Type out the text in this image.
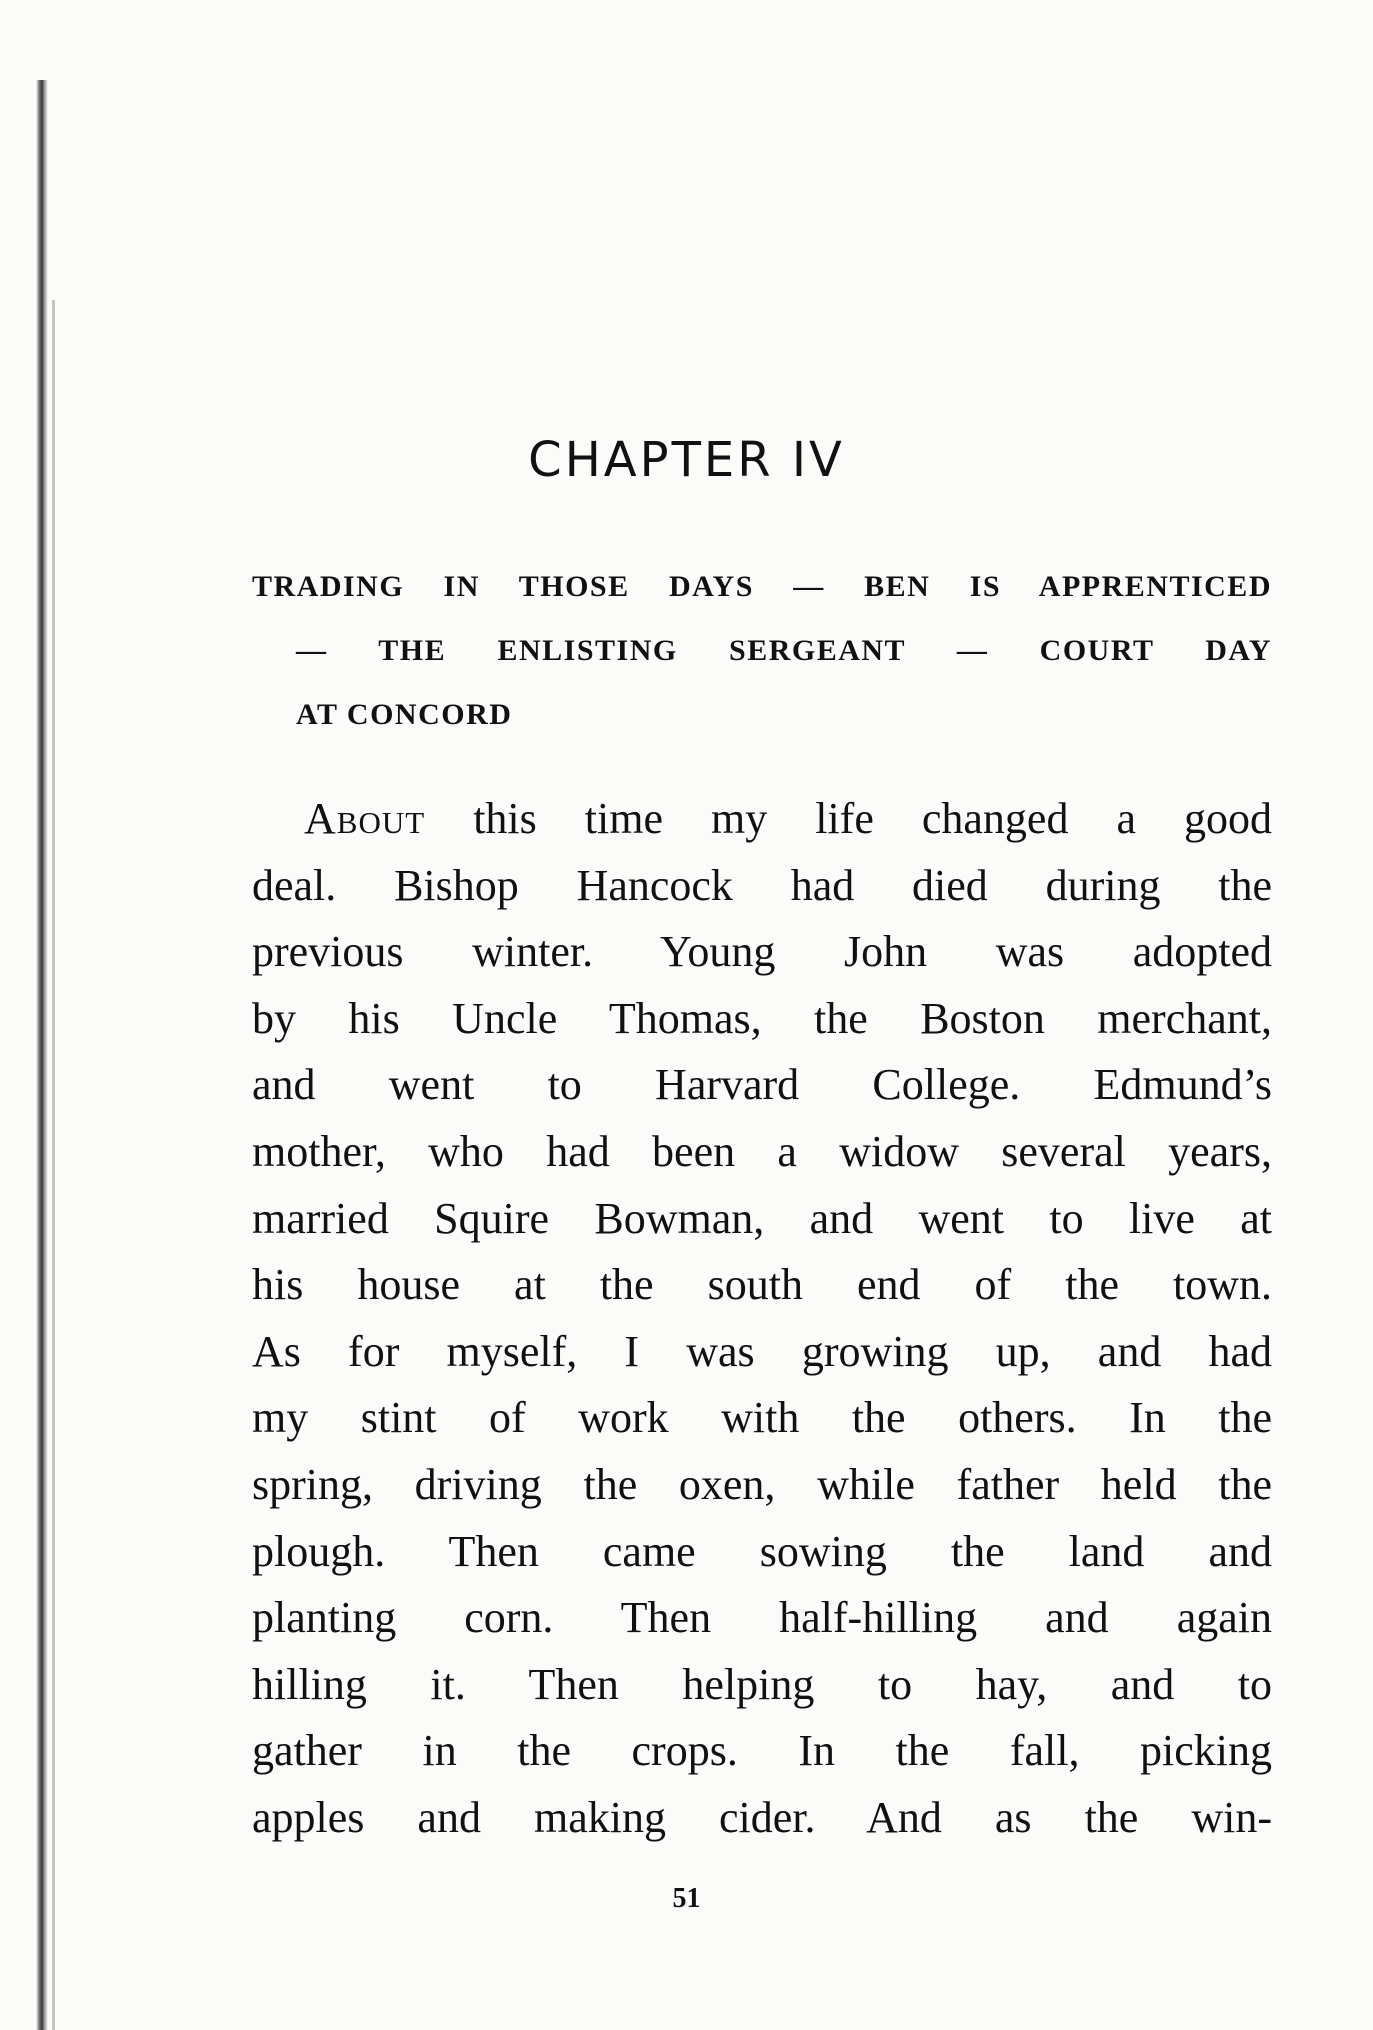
CHAPTER IV
TRADING IN THOSE DAYS — BEN IS APPRENTICED
— THE ENLISTING SERGEANT — COURT DAY
AT CONCORD
About this time my life changed a good
deal. Bishop Hancock had died during the
previous winter. Young John was adopted
by his Uncle Thomas, the Boston merchant,
and went to Harvard College. Edmund’s
mother, who had been a widow several years,
married Squire Bowman, and went to live at
his house at the south end of the town.
As for myself, I was growing up, and had
my stint of work with the others. In the
spring, driving the oxen, while father held the
plough. Then came sowing the land and
planting corn. Then half-hilling and again
hilling it. Then helping to hay, and to
gather in the crops. In the fall, picking
apples and making cider. And as the win-
51
